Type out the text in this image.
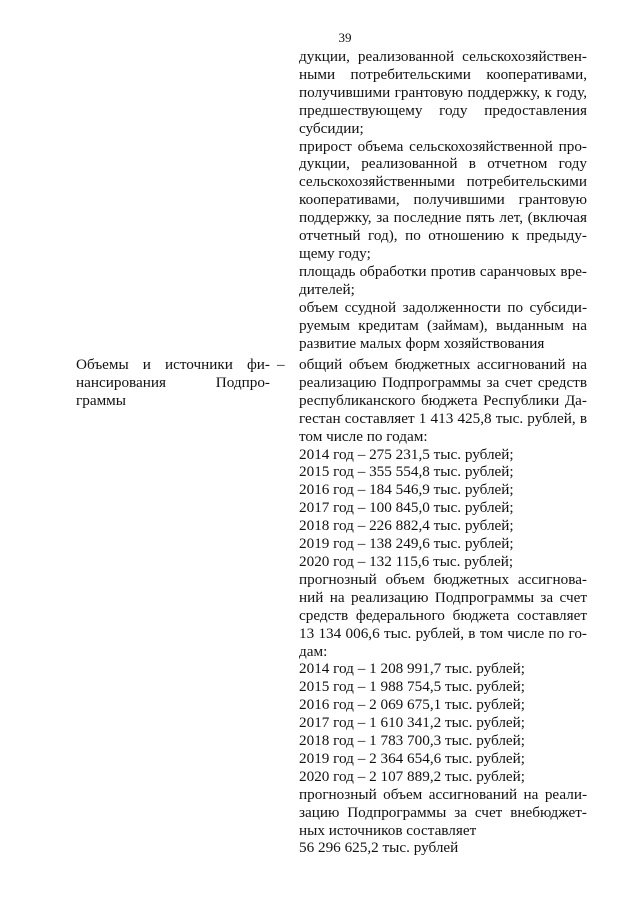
39

дукции, реализованной сельскохозяйствен-

ными потребительскими кооперативами,

получившими грантовую поддержку, к году,

предшествующему году предоставления

субсидии;

прирост объема сельскохозяйственной про-

дукции, реализованной в отчетном году

сельскохозяйственными потребительскими

кооперативами, получившими грантовую

поддержку, за последние пять лет, (включая

отчетный год), по отношению к предыду-

щему году;

площадь обработки против саранчовых вре-

дителей;

объем ссудной задолженности по субсиди-

руемым кредитам (займам), выданным на

развитие малых форм хозяйствования

Объемы и источники фи-

нансирования Подпро-

граммы

– общий объем бюджетных ассигнований на

реализацию Подпрограммы за счет средств

республиканского бюджета Республики Да-

гестан составляет 1 413 425,8 тыс. рублей, в

том числе по годам:

2014 год – 275 231,5 тыс. рублей;
2015 год – 355 554,8 тыс. рублей;
2016 год – 184 546,9 тыс. рублей;
2017 год – 100 845,0 тыс. рублей;
2018 год – 226 882,4 тыс. рублей;
2019 год – 138 249,6 тыс. рублей;
2020 год – 132 115,6 тыс. рублей;

прогнозный объем бюджетных ассигнова-

ний на реализацию Подпрограммы за счет

средств федерального бюджета составляет

13 134 006,6 тыс. рублей, в том числе по го-

дам:

2014 год – 1 208 991,7 тыс. рублей;
2015 год – 1 988 754,5 тыс. рублей;
2016 год – 2 069 675,1 тыс. рублей;
2017 год – 1 610 341,2 тыс. рублей;
2018 год – 1 783 700,3 тыс. рублей;
2019 год – 2 364 654,6 тыс. рублей;
2020 год – 2 107 889,2 тыс. рублей;

прогнозный объем ассигнований на реали-

зацию Подпрограммы за счет внебюджет-

ных источников составляет

56 296 625,2 тыс. рублей
